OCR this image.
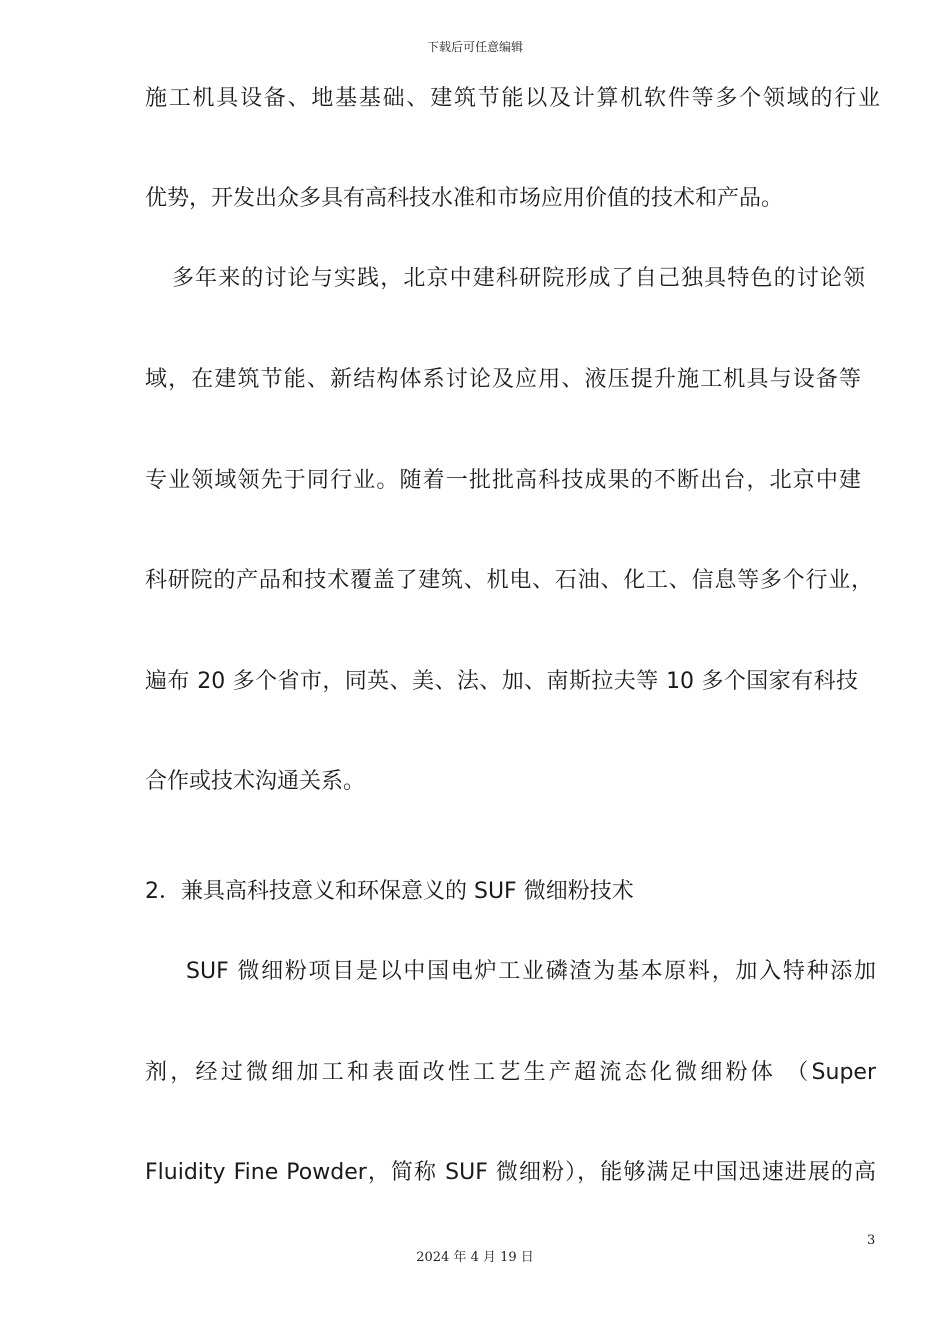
下载后可任意编辑
施工机具设备、地基基础、建筑节能以及计算机软件等多个领域的行业
优势，开发出众多具有高科技水准和市场应用价值的技术和产品。
多年来的讨论与实践，北京中建科研院形成了自己独具特色的讨论领
域，在建筑节能、新结构体系讨论及应用、液压提升施工机具与设备等
专业领域领先于同行业。随着一批批高科技成果的不断出台，北京中建
科研院的产品和技术覆盖了建筑、机电、石油、化工、信息等多个行业，
遍布 20 多个省市，同英、美、法、加、南斯拉夫等 10 多个国家有科技
合作或技术沟通关系。
2．兼具高科技意义和环保意义的 SUF 微细粉技术
SUF 微细粉项目是以中国电炉工业磷渣为基本原料，加入特种添加
剂，经过微细加工和表面改性工艺生产超流态化微细粉体 （Super
Fluidity Fine Powder，简称 SUF 微细粉），能够满足中国迅速进展的高
3
2024 年 4 月 19 日
